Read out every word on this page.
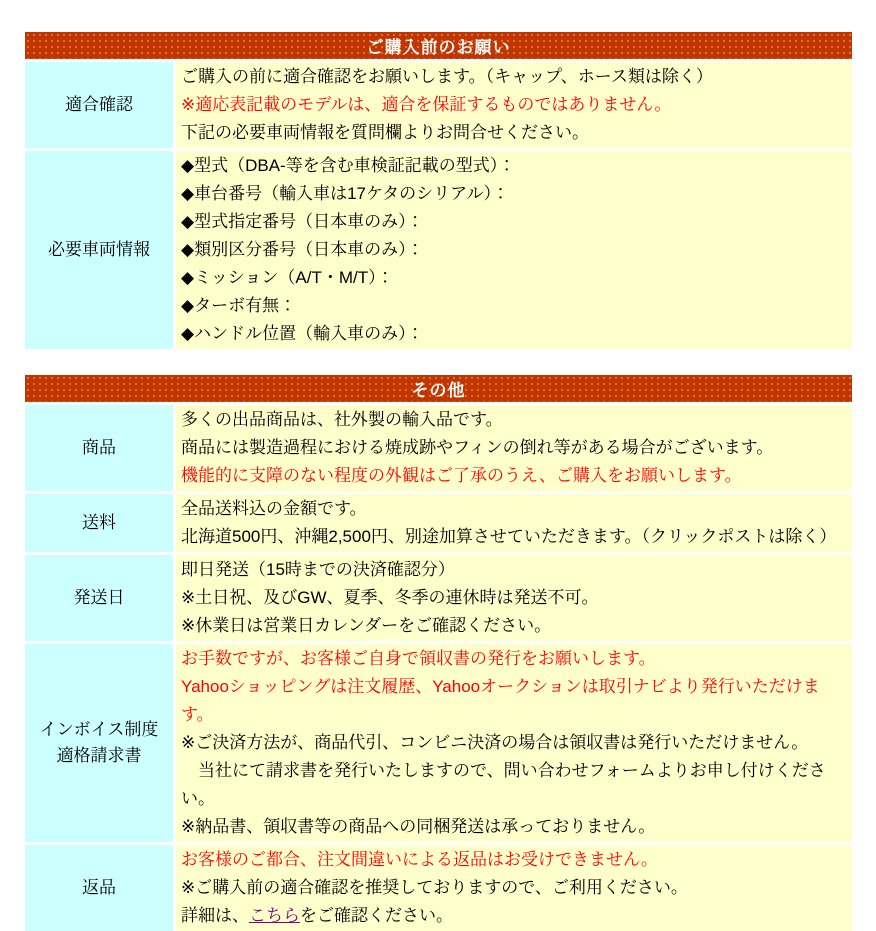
ご購入前のお願い
適合確認
ご購入の前に適合確認をお願いします。（キャップ、ホース類は除く）
※適応表記載のモデルは、適合を保証するものではありません。
下記の必要車両情報を質問欄よりお問合せください。
必要車両情報
◆型式（DBA-等を含む車検証記載の型式）：
◆車台番号（輸入車は17ケタのシリアル）：
◆型式指定番号（日本車のみ）：
◆類別区分番号（日本車のみ）：
◆ミッション（A/T・M/T）：
◆ターボ有無：
◆ハンドル位置（輸入車のみ）：
その他
商品
多くの出品商品は、社外製の輸入品です。
商品には製造過程における焼成跡やフィンの倒れ等がある場合がございます。
機能的に支障のない程度の外観はご了承のうえ、ご購入をお願いします。
送料
全品送料込の金額です。
北海道500円、沖縄2,500円、別途加算させていただきます。（クリックポストは除く）
発送日
即日発送（15時までの決済確認分）
※土日祝、及びGW、夏季、冬季の連休時は発送不可。
※休業日は営業日カレンダーをご確認ください。
インボイス制度
適格請求書
お手数ですが、お客様ご自身で領収書の発行をお願いします。
Yahooショッピングは注文履歴、Yahooオークションは取引ナビより発行いただけます。
※ご決済方法が、商品代引、コンビニ決済の場合は領収書は発行いただけません。
　当社にて請求書を発行いたしますので、問い合わせフォームよりお申し付けください。
※納品書、領収書等の商品への同梱発送は承っておりません。
返品
お客様のご都合、注文間違いによる返品はお受けできません。
※ご購入前の適合確認を推奨しておりますので、ご利用ください。
詳細は、こちらをご確認ください。
